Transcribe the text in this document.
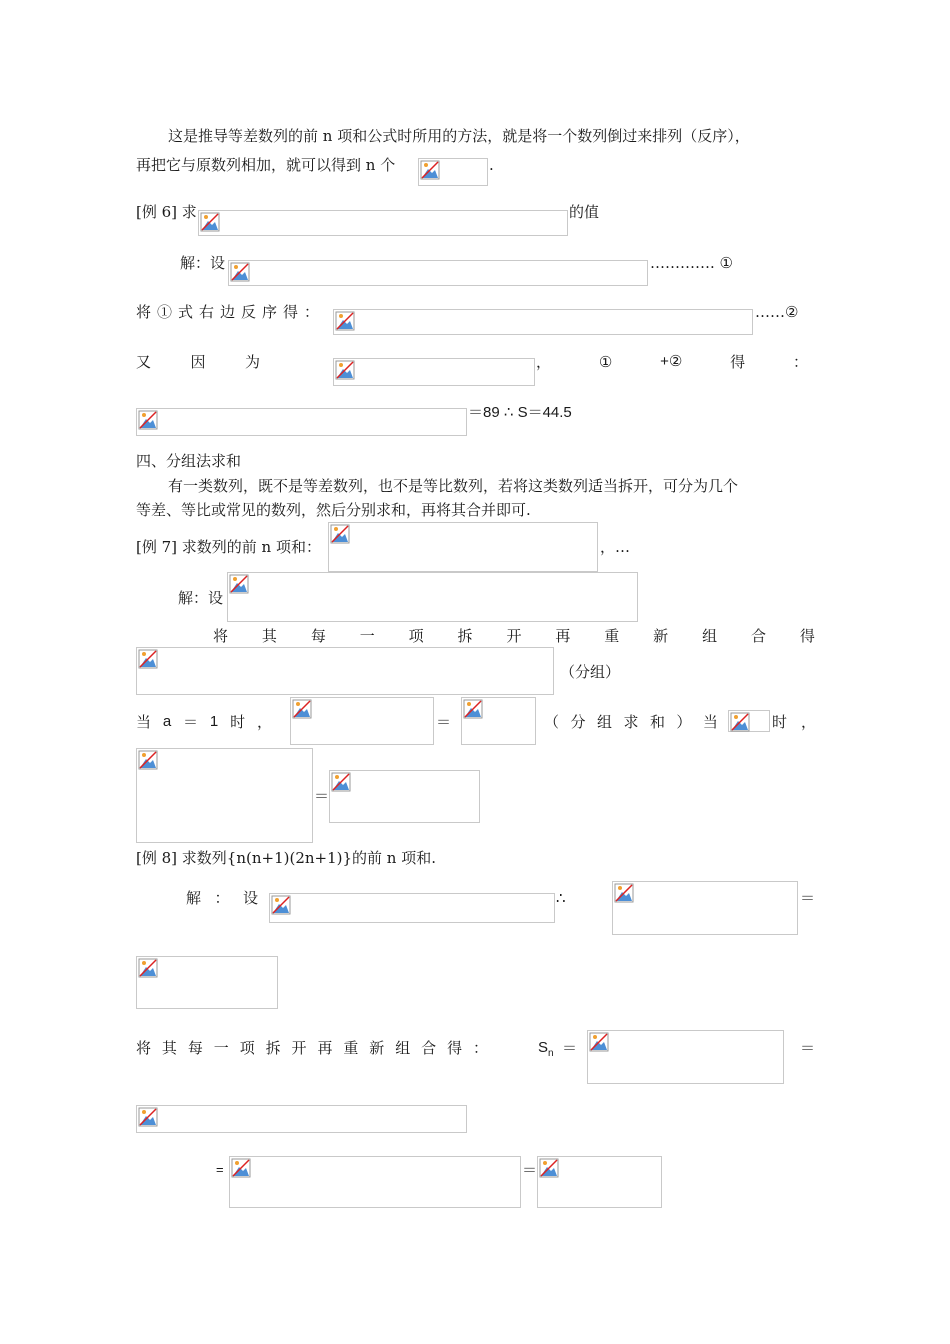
这是推导等差数列的前 n 项和公式时所用的方法，就是将一个数列倒过来排列（反序），
再把它与原数列相加，就可以得到 n 个	.
[例 6] 求	的值
解：设	…………. ①
将①式右边反序得：	……②
又	因	为	，	①	+②	得	：
＝89 ∴ S＝44.5
四、分组法求和
有一类数列，既不是等差数列，也不是等比数列，若将这类数列适当拆开，可分为几个
等差、等比或常见的数列，然后分别求和，再将其合并即可.
[例 7] 求数列的前 n 项和：	，…
解：设
将 其 每 一 项 拆 开 再 重 新 组 合 得
（分组）
当 a ＝ 1 时 ，	＝	（ 分 组 求 和 ） 当	时，
＝
[例 8] 求数列{n(n+1)(2n+1)}的前 n 项和.
解 ： 设	∴	＝
将 其 每 一 项 拆 开 再 重 新 组 合 得 ：	$S_n$ ＝	＝
=	＝
